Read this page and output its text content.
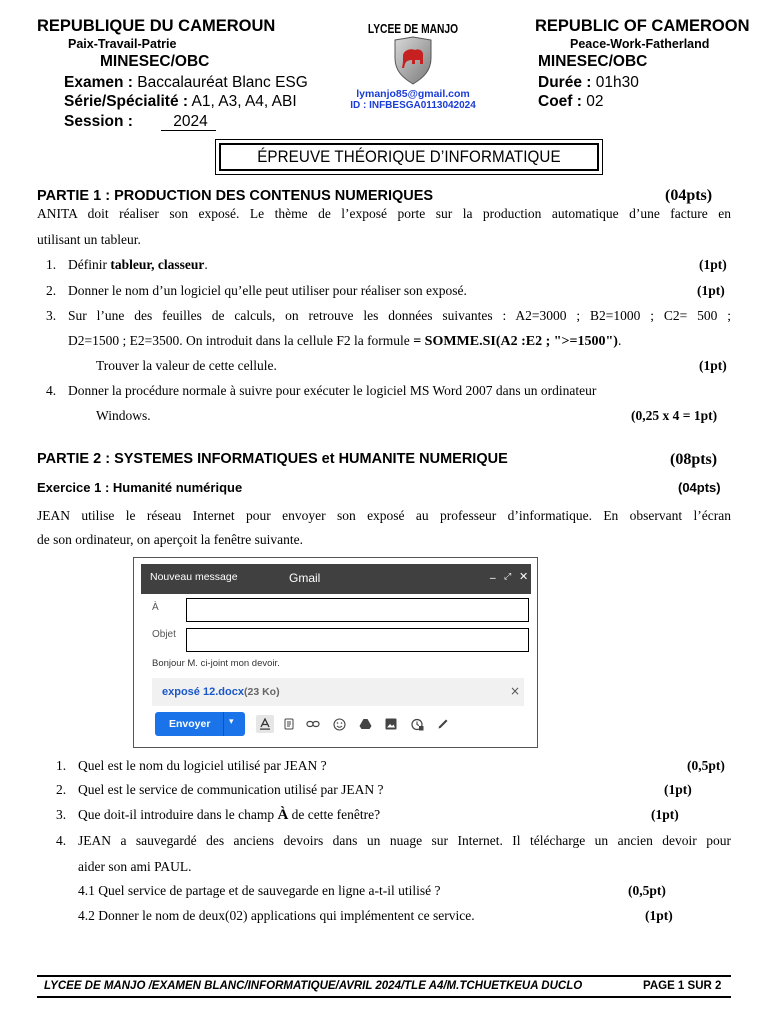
REPUBLIQUE DU CAMEROUN
Paix-Travail-Patrie
MINESEC/OBC
Examen : Baccalauréat Blanc ESG
Série/Spécialité : A1, A3, A4, ABI
Session :	2024
LYCEE DE MANJO
lymanjo85@gmail.com
ID : INFBESGA0113042024
REPUBLIC OF CAMEROON
Peace-Work-Fatherland
MINESEC/OBC
Durée : 01h30
Coef : 02
ÉPREUVE THÉORIQUE D’INFORMATIQUE
PARTIE 1 : PRODUCTION DES CONTENUS NUMERIQUES	(04pts)
ANITA doit réaliser son exposé. Le thème de l’exposé porte sur la production automatique d’une facture en
utilisant un tableur.
1. Définir tableur, classeur.	(1pt)
2. Donner le nom d’un logiciel qu’elle peut utiliser pour réaliser son exposé.	(1pt)
3. Sur l’une des feuilles de calculs, on retrouve les données suivantes : A2=3000 ; B2=1000 ; C2= 500 ;
D2=1500 ; E2=3500. On introduit dans la cellule F2 la formule = SOMME.SI(A2 :E2 ; ">=1500").
Trouver la valeur de cette cellule.	(1pt)
4. Donner la procédure normale à suivre pour exécuter le logiciel MS Word 2007 dans un ordinateur
Windows.	(0,25 x 4 = 1pt)
PARTIE 2 : SYSTEMES INFORMATIQUES et HUMANITE NUMERIQUE	(08pts)
Exercice 1 : Humanité numérique	(04pts)
JEAN utilise le réseau Internet pour envoyer son exposé au professeur d’informatique. En observant l’écran
de son ordinateur, on aperçoit la fenêtre suivante.
Nouveau message	Gmail	_ ⤢ ✕
À
Objet
Bonjour M. ci-joint mon devoir.
exposé 12.docx (23 Ko)	×
Envoyer ▾
1. Quel est le nom du logiciel utilisé par JEAN ?	(0,5pt)
2. Quel est le service de communication utilisé par JEAN ?	(1pt)
3. Que doit-il introduire dans le champ À de cette fenêtre?	(1pt)
4. JEAN a sauvegardé des anciens devoirs dans un nuage sur Internet. Il télécharge un ancien devoir pour
aider son ami PAUL.
4.1 Quel service de partage et de sauvegarde en ligne a-t-il utilisé ?	(0,5pt)
4.2 Donner le nom de deux(02) applications qui implémentent ce service.	(1pt)
LYCEE DE MANJO /EXAMEN BLANC/INFORMATIQUE/AVRIL 2024/TLE A4/M.TCHUETKEUA DUCLO	PAGE 1 SUR 2
